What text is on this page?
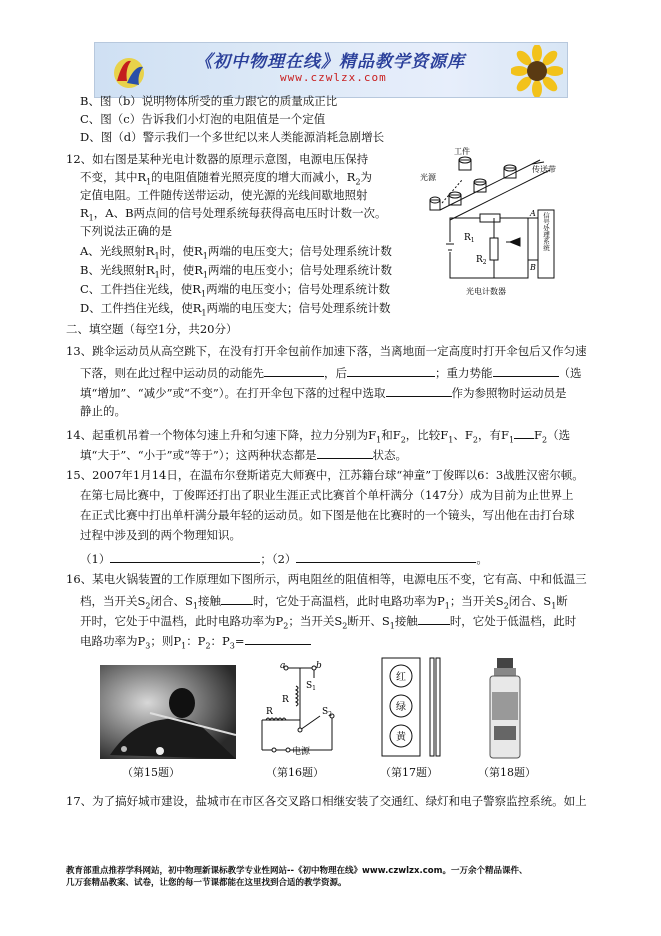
《初中物理在线》精品教学资源库
www.czwlzx.com
B、图（b）说明物体所受的重力跟它的质量成正比
C、图（c）告诉我们小灯泡的电阻值是一个定值
D、图（d）警示我们一个多世纪以来人类能源消耗急剧增长
12、如右图是某种光电计数器的原理示意图，电源电压保持
不变，其中$R_1$的电阻值随着光照亮度的增大而减小，$R_2$为
定值电阻。工件随传送带运动，使光源的光线间歇地照射
$R_1$，A、B两点间的信号处理系统每获得高电压时计数一次。
下列说法正确的是
A、光线照射$R_1$时，使$R_1$两端的电压变大；信号处理系统计数
B、光线照射$R_1$时，使$R_1$两端的电压变小；信号处理系统计数
C、工件挡住光线，使$R_1$两端的电压变小；信号处理系统计数
D、工件挡住光线，使$R_1$两端的电压变大；信号处理系统计数
工件
光源
传送带
$R_1$
$R_2$
A
B
信号处理系统
光电计数器
二、填空题（每空1分，共20分）
13、跳伞运动员从高空跳下，在没有打开伞包前作加速下落，当离地面一定高度时打开伞包后又作匀速
下落，则在此过程中运动员的动能先	，后	；重力势能	（选
填“增加”、“减少”或“不变”）。在打开伞包下落的过程中选取	作为参照物时运动员是
静止的。
14、起重机吊着一个物体匀速上升和匀速下降，拉力分别为$F_1$和$F_2$，比较$F_1$、$F_2$，有$F_1$ $F_2$（选
填“大于”、“小于”或“等于”）；这两种状态都是	状态。
15、2007年1月14日，在温布尔登斯诺克大师赛中，江苏籍台球“神童”丁俊晖以6：3战胜汉密尔顿。
在第七局比赛中，丁俊晖还打出了职业生涯正式比赛首个单杆满分（147分）成为目前为止世界上
在正式比赛中打出单杆满分最年轻的运动员。如下图是他在比赛时的一个镜头，写出他在击打台球
过程中涉及到的两个物理知识。
（1）	；（2）	。
16、某电火锅装置的工作原理如下图所示，两电阻丝的阻值相等，电源电压不变，它有高、中和低温三
档，当开关$S_2$闭合、$S_1$接触	时，它处于高温档，此时电路功率为$P_1$；当开关$S_2$闭合、$S_1$断
开时，它处于中温档，此时电路功率为$P_2$；当开关$S_2$断开、$S_1$接触	时，它处于低温档，此时
电路功率为$P_3$；则$P_1$：$P_2$：$P_3=$
a	b
$S_1$
$S_2$
R
R
电源
红
绿
黄
（第15题）	（第16题）	（第17题）	（第18题）
17、为了搞好城市建设，盐城市在市区各交叉路口相继安装了交通红、绿灯和电子警察监控系统。如上
教育部重点推荐学科网站，初中物理新课标教学专业性网站--《初中物理在线》www.czwlzx.com。一万余个精品课件、
几万套精品教案、试卷，让您的每一节课都能在这里找到合适的教学资源。
